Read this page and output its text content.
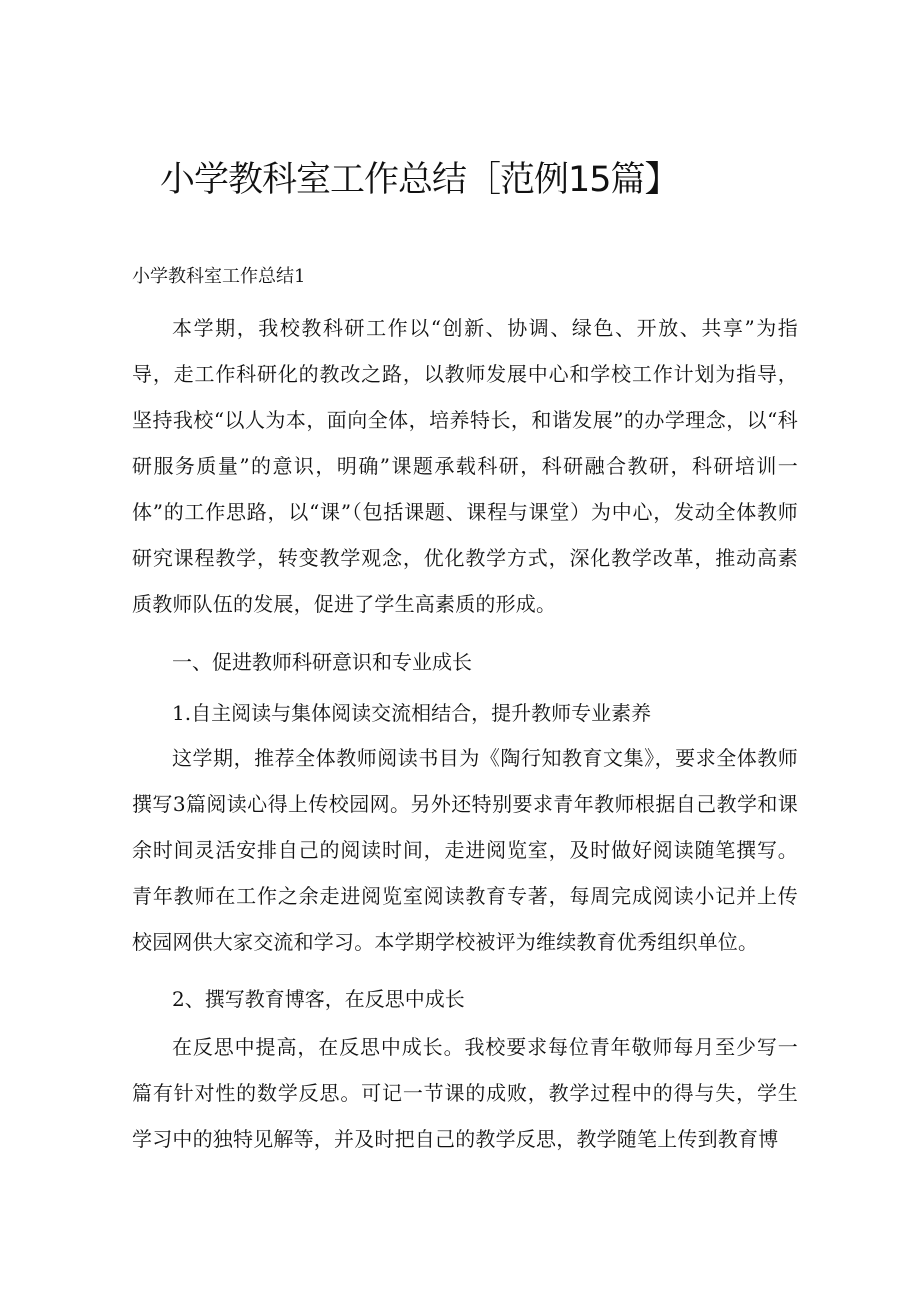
小学教科室工作总结［范例15篇】

小学教科室工作总结1

本学期，我校教科研工作以“创新、协调、绿色、开放、共享”为指导，走工作科研化的教改之路，以教师发展中心和学校工作计划为指导，坚持我校“以人为本，面向全体，培养特长，和谐发展”的办学理念，以“科研服务质量”的意识，明确”课题承载科研，科研融合教研，科研培训一体”的工作思路，以“课”（包括课题、课程与课堂）为中心，发动全体教师研究课程教学，转变教学观念，优化教学方式，深化教学改革，推动高素质教师队伍的发展，促进了学生高素质的形成。

一、促进教师科研意识和专业成长

1.自主阅读与集体阅读交流相结合，提升教师专业素养

这学期，推荐全体教师阅读书目为《陶行知教育文集》，要求全体教师撰写3篇阅读心得上传校园网。另外还特别要求青年教师根据自己教学和课余时间灵活安排自己的阅读时间，走进阅览室，及时做好阅读随笔撰写。青年教师在工作之余走进阅览室阅读教育专著，每周完成阅读小记并上传校园网供大家交流和学习。本学期学校被评为维续教育优秀组织单位。

2、撰写教育博客，在反思中成长

在反思中提高，在反思中成长。我校要求每位青年敬师每月至少写一篇有针对性的数学反思。可记一节课的成败，教学过程中的得与失，学生学习中的独特见解等，并及时把自己的教学反思，教学随笔上传到教育博
